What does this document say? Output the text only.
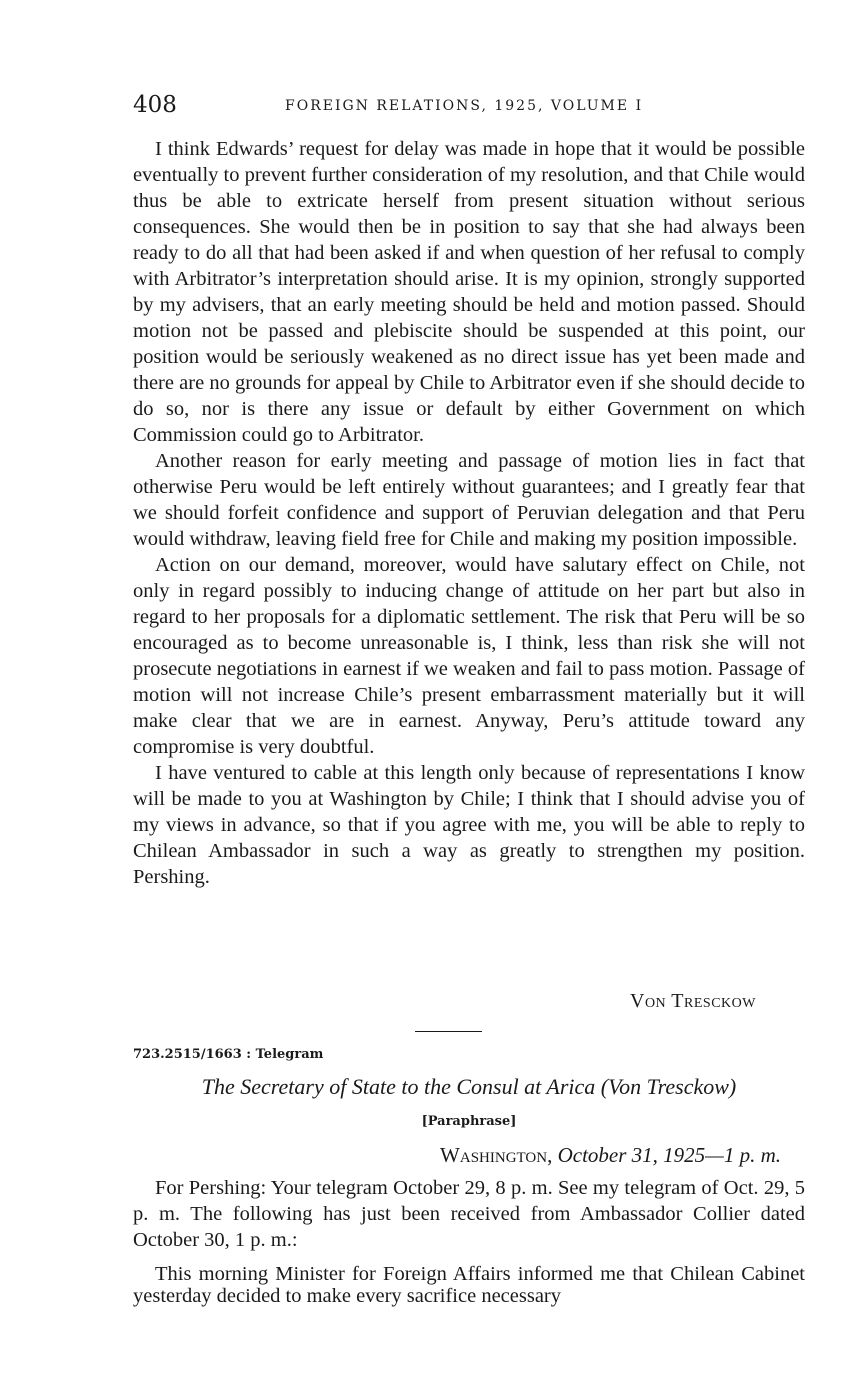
408	FOREIGN RELATIONS, 1925, VOLUME I

I think Edwards’ request for delay was made in hope that it would be possible eventually to prevent further consideration of my resolution, and that Chile would thus be able to extricate herself from present situation without serious consequences. She would then be in position to say that she had always been ready to do all that had been asked if and when question of her refusal to comply with Arbitrator’s interpretation should arise. It is my opinion, strongly supported by my advisers, that an early meeting should be held and motion passed. Should motion not be passed and plebiscite should be suspended at this point, our position would be seriously weakened as no direct issue has yet been made and there are no grounds for appeal by Chile to Arbitrator even if she should decide to do so, nor is there any issue or default by either Government on which Commission could go to Arbitrator.

Another reason for early meeting and passage of motion lies in fact that otherwise Peru would be left entirely without guarantees; and I greatly fear that we should forfeit confidence and support of Peruvian delegation and that Peru would withdraw, leaving field free for Chile and making my position impossible.

Action on our demand, moreover, would have salutary effect on Chile, not only in regard possibly to inducing change of attitude on her part but also in regard to her proposals for a diplomatic settlement. The risk that Peru will be so encouraged as to become unreasonable is, I think, less than risk she will not prosecute negotiations in earnest if we weaken and fail to pass motion. Passage of motion will not increase Chile’s present embarrassment materially but it will make clear that we are in earnest. Anyway, Peru’s attitude toward any compromise is very doubtful.

I have ventured to cable at this length only because of representations I know will be made to you at Washington by Chile; I think that I should advise you of my views in advance, so that if you agree with me, you will be able to reply to Chilean Ambassador in such a way as greatly to strengthen my position. Pershing.

Von Tresckow
723.2515/1663 : Telegram
The Secretary of State to the Consul at Arica (Von Tresckow)
[Paraphrase]
Washington, October 31, 1925—1 p. m.

For Pershing: Your telegram October 29, 8 p. m. See my telegram of Oct. 29, 5 p. m. The following has just been received from Ambassador Collier dated October 30, 1 p. m.:

This morning Minister for Foreign Affairs informed me that Chilean Cabinet yesterday decided to make every sacrifice necessary
